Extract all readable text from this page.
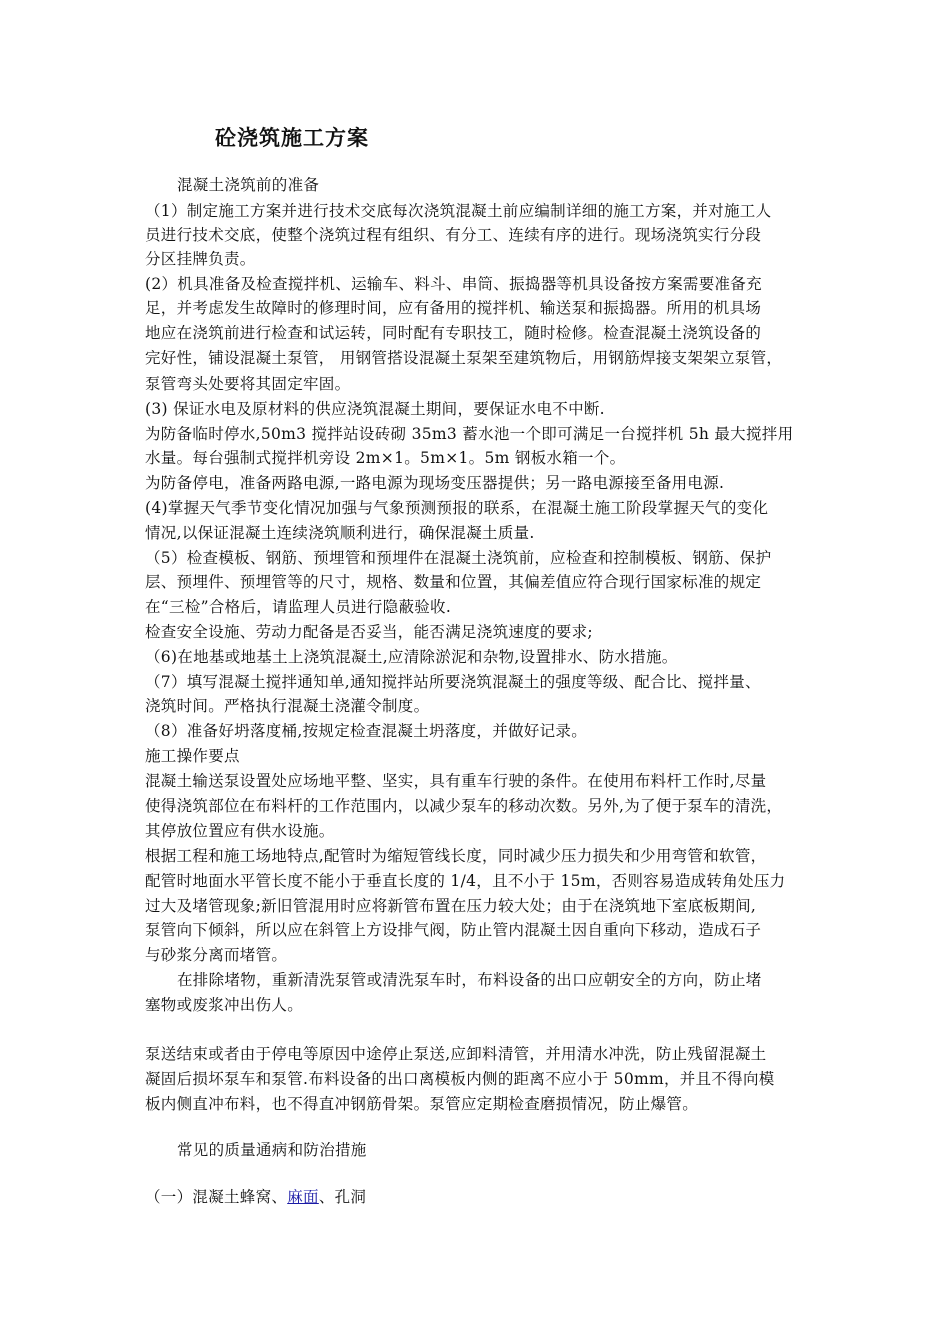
砼浇筑施工方案
混凝土浇筑前的准备
（1）制定施工方案并进行技术交底每次浇筑混凝土前应编制详细的施工方案，并对施工人
员进行技术交底，使整个浇筑过程有组织、有分工、连续有序的进行。现场浇筑实行分段
分区挂牌负责。
(2）机具准备及检查搅拌机、运输车、料斗、串筒、振捣器等机具设备按方案需要准备充
足，并考虑发生故障时的修理时间，应有备用的搅拌机、输送泵和振捣器。所用的机具场
地应在浇筑前进行检查和试运转，同时配有专职技工，随时检修。检查混凝土浇筑设备的
完好性，铺设混凝土泵管， 用钢管搭设混凝土泵架至建筑物后，用钢筋焊接支架架立泵管，
泵管弯头处要将其固定牢固。
(3) 保证水电及原材料的供应浇筑混凝土期间，要保证水电不中断.
为防备临时停水,50m3 搅拌站设砖砌 35m3 蓄水池一个即可满足一台搅拌机 5h 最大搅拌用
水量。每台强制式搅拌机旁设 2m×1。5m×1。5m 钢板水箱一个。
为防备停电，准备两路电源,一路电源为现场变压器提供；另一路电源接至备用电源.
(4)掌握天气季节变化情况加强与气象预测预报的联系，在混凝土施工阶段掌握天气的变化
情况,以保证混凝土连续浇筑顺利进行，确保混凝土质量.
（5）检查模板、钢筋、预埋管和预埋件在混凝土浇筑前，应检查和控制模板、钢筋、保护
层、预埋件、预埋管等的尺寸，规格、数量和位置，其偏差值应符合现行国家标准的规定
在“三检”合格后，请监理人员进行隐蔽验收.
检查安全设施、劳动力配备是否妥当，能否满足浇筑速度的要求;
（6)在地基或地基土上浇筑混凝土,应清除淤泥和杂物,设置排水、防水措施。
（7）填写混凝土搅拌通知单,通知搅拌站所要浇筑混凝土的强度等级、配合比、搅拌量、
浇筑时间。严格执行混凝土浇灌令制度。
（8）准备好坍落度桶,按规定检查混凝土坍落度，并做好记录。
施工操作要点
混凝土输送泵设置处应场地平整、坚实，具有重车行驶的条件。在使用布料杆工作时,尽量
使得浇筑部位在布料杆的工作范围内，以减少泵车的移动次数。另外,为了便于泵车的清洗，
其停放位置应有供水设施。
根据工程和施工场地特点,配管时为缩短管线长度，同时减少压力损失和少用弯管和软管，
配管时地面水平管长度不能小于垂直长度的 1/4，且不小于 15m，否则容易造成转角处压力
过大及堵管现象;新旧管混用时应将新管布置在压力较大处；由于在浇筑地下室底板期间,
泵管向下倾斜，所以应在斜管上方设排气阀，防止管内混凝土因自重向下移动，造成石子
与砂浆分离而堵管。
在排除堵物，重新清洗泵管或清洗泵车时，布料设备的出口应朝安全的方向，防止堵
塞物或废浆冲出伤人。
泵送结束或者由于停电等原因中途停止泵送,应卸料清管，并用清水冲洗，防止残留混凝土
凝固后损坏泵车和泵管.布料设备的出口离模板内侧的距离不应小于 50mm，并且不得向模
板内侧直冲布料，也不得直冲钢筋骨架。泵管应定期检查磨损情况，防止爆管。
常见的质量通病和防治措施
（一）混凝土蜂窝、麻面、孔洞
